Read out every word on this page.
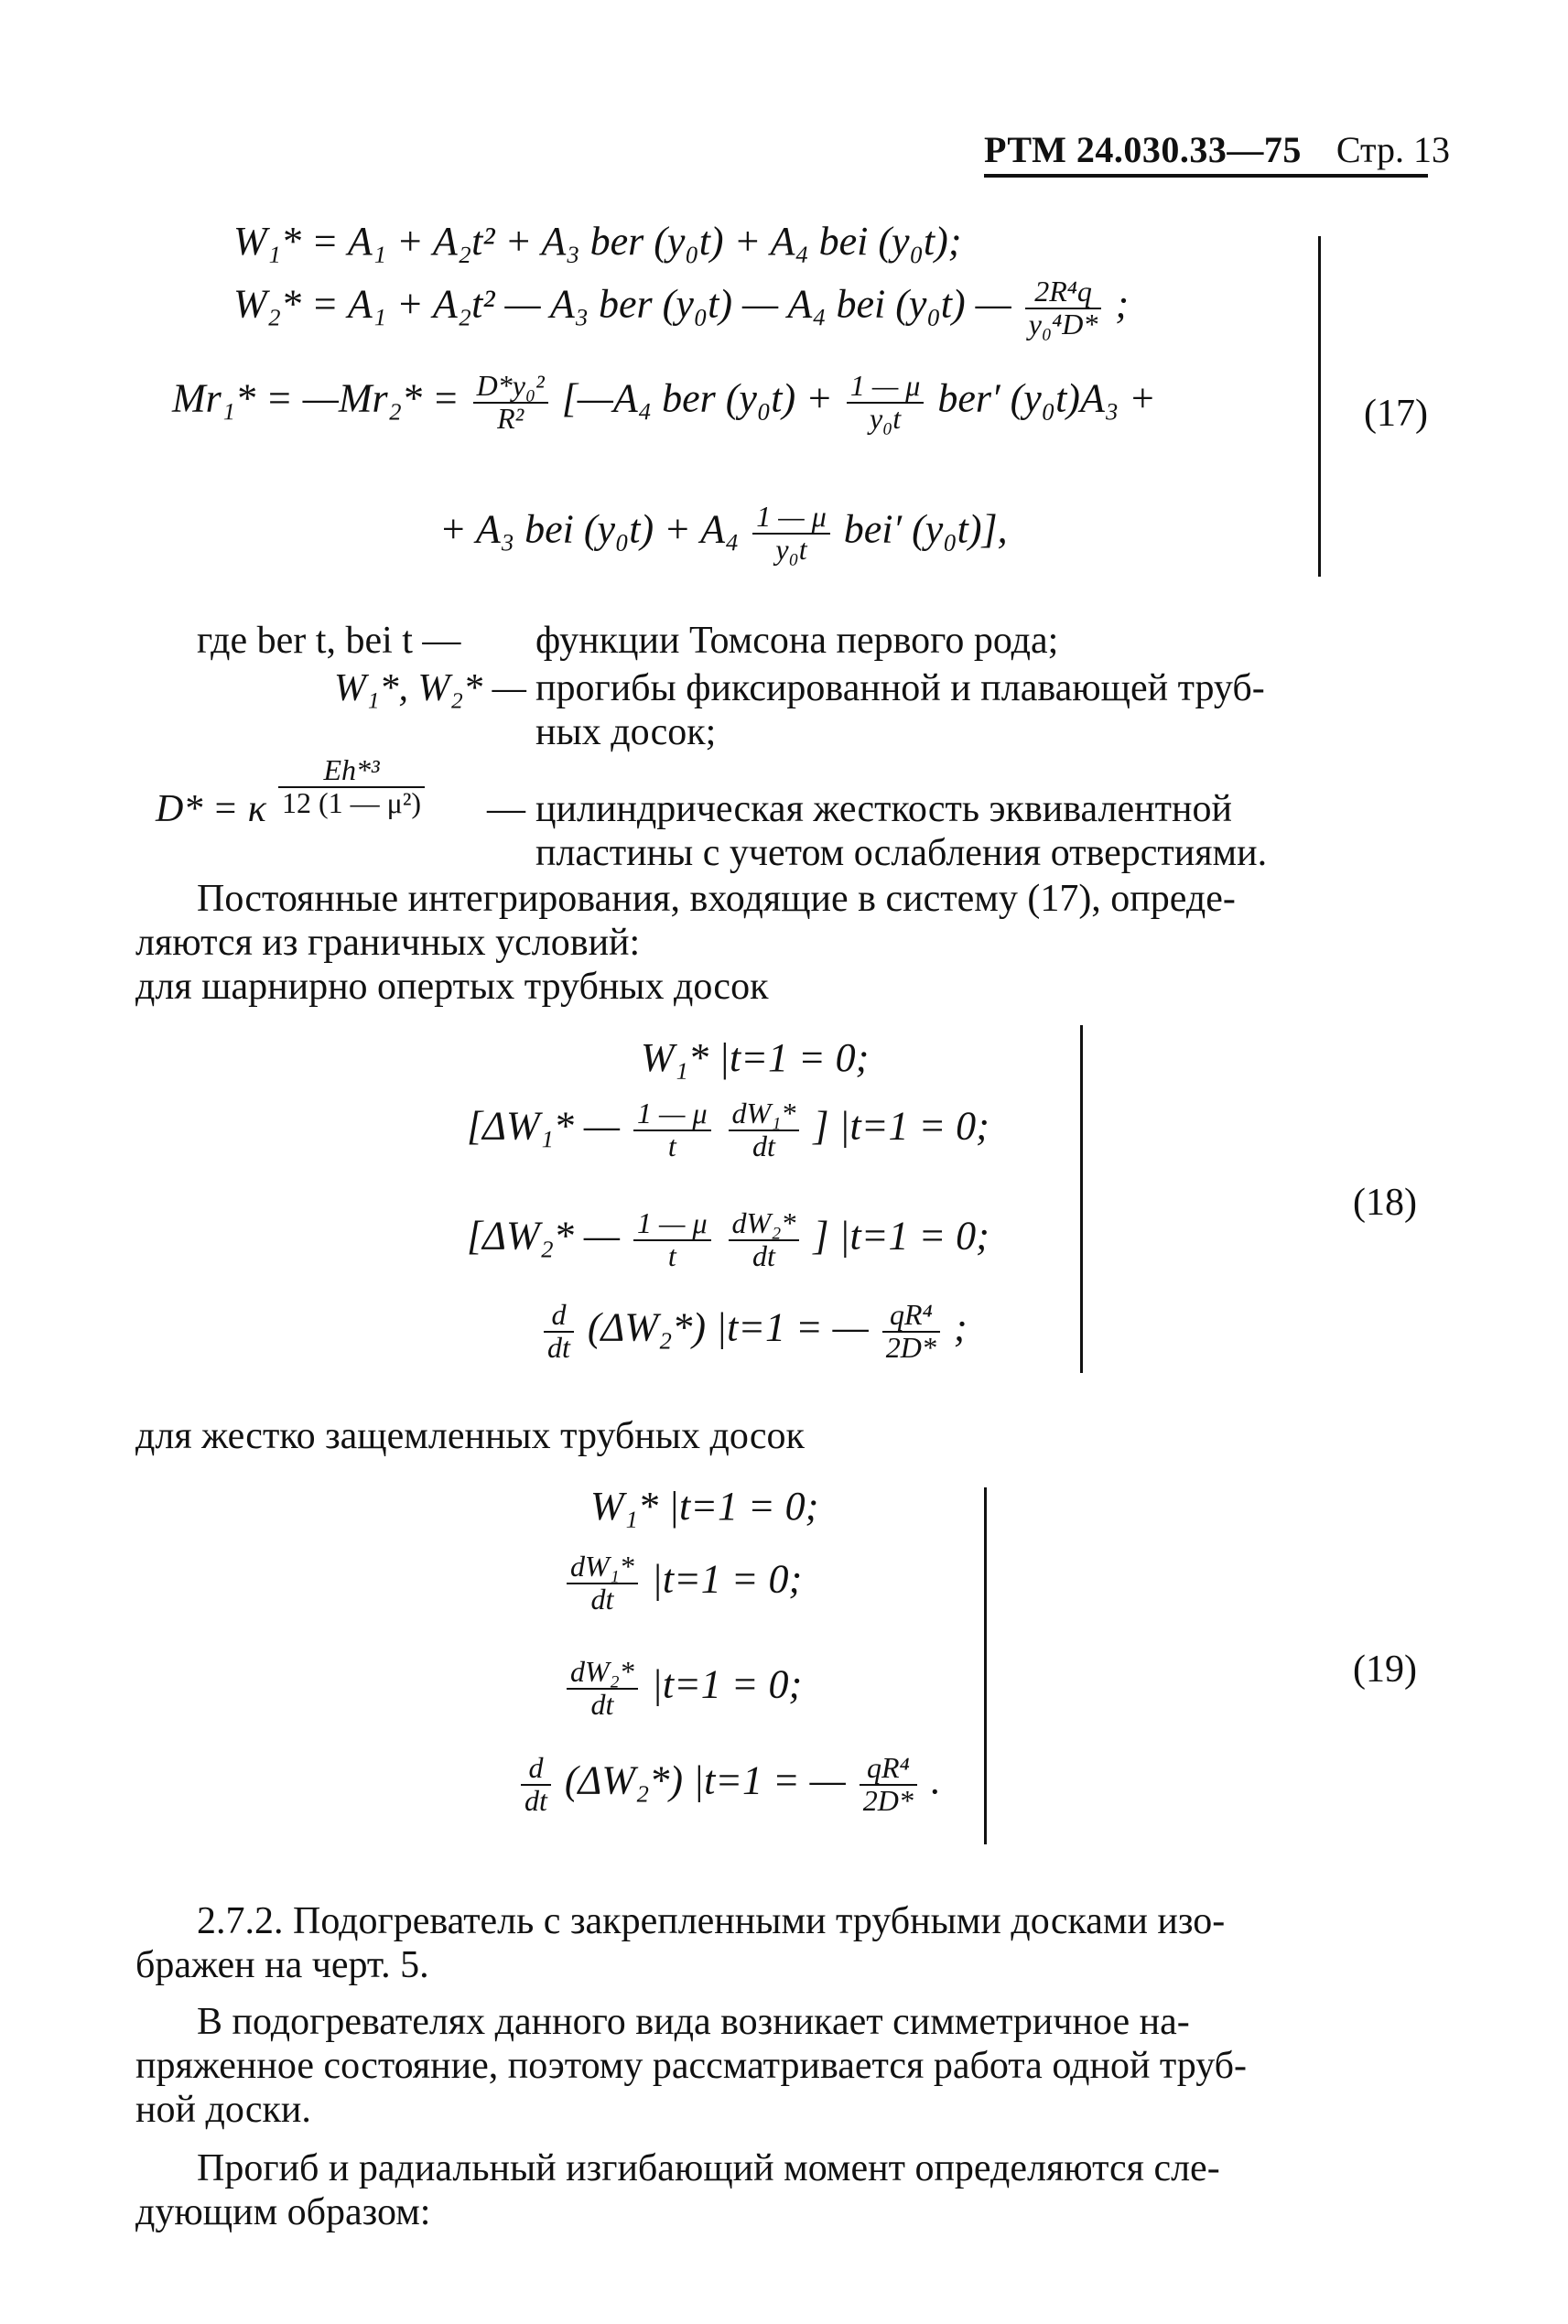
РТМ 24.030.33—75 Стр. 13
W₁* = A₁ + A₂t² + A₃ ber (y₀t) + A₄ bei (y₀t);
W₂* = A₁ + A₂t² — A₃ ber (y₀t) — A₄ bei (y₀t) — $\frac{\text{2R⁴q}}{\text{y₀⁴D*}}$ ;
Mr₁* = —Mr₂* = $\frac{\text{D*y₀²}}{\text{R²}}$ [—A₄ ber $(y_0t) + \frac{1 — \mu}{\text{y₀t}} ber'$ (y₀t)A₃ +
+ A₃ bei $(y_0t) + A_4 \frac{1 — \mu}{\text{y₀t}} bei'$ (y₀t)],
(17)
где ber t, bei t —	функции Томсона первого рода;
W₁*, W₂* — прогибы фиксированной и плавающей труб-
ных досок;
D* = κ $\frac{\text{Eh*³}}{\text{12 (1 — μ²)}}$ — цилиндрическая жесткость эквивалентной
пластины с учетом ослабления отверстиями.
Постоянные интегрирования, входящие в систему (17), опреде-
ляются из граничных условий:
для шарнирно опертых трубных досок
W₁* |t=1 = 0;
[ΔW₁* — $\frac{1 — \mu}{t}$
$\frac{\text{dW₁*}}{dt}$ ] |t=1 = 0;
[ΔW₂* — $\frac{1 — \mu}{t}$
$\frac{\text{dW₂*}}{dt}$ ] |t=1 = 0;
$\frac{d}{dt} (\Delta W_2*) |t=1$ = — $\frac{\text{qR⁴}}{2D*}$ ;
(18)
для жестко защемленных трубных досок
W₁* |t=1 = 0;
$\frac{\text{dW₁*}}{dt} |t=1 = 0$;
$\frac{\text{dW₂*}}{dt} |t=1 = 0$;
$\frac{d}{dt} (\Delta W_2*) |t=1$ = — $\frac{\text{qR⁴}}{2D*}$ .
(19)
2.7.2. Подогреватель с закрепленными трубными досками изо-
бражен на черт. 5.
В подогревателях данного вида возникает симметричное на-
пряженное состояние, поэтому рассматривается работа одной труб-
ной доски.
Прогиб и радиальный изгибающий момент определяются сле-
дующим образом:
